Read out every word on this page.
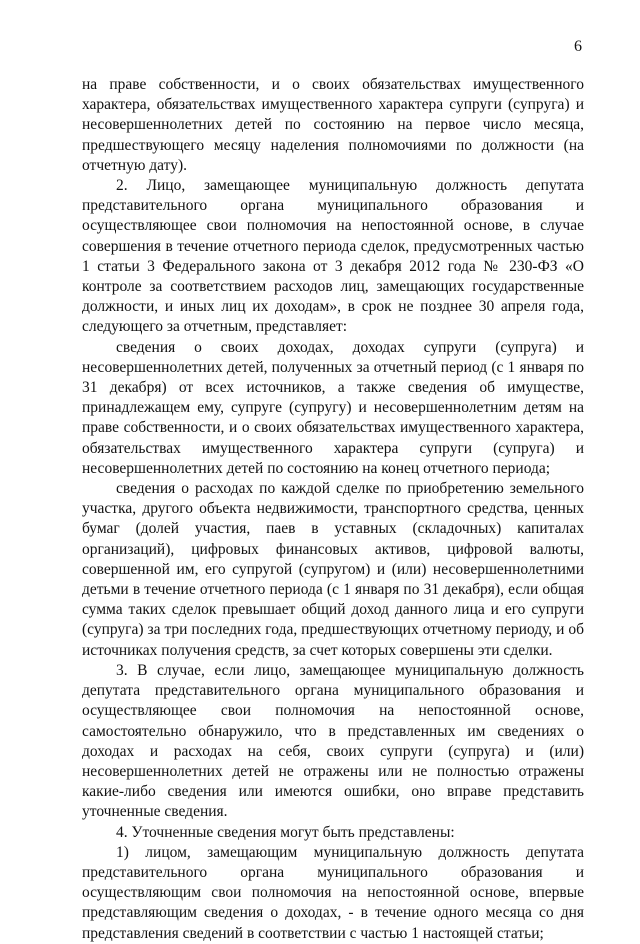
6

на праве собственности, и о своих обязательствах имущественного характера, обязательствах имущественного характера супруги (супруга) и несовершеннолетних детей по состоянию на первое число месяца, предшествующего месяцу наделения полномочиями по должности (на отчетную дату).

2. Лицо, замещающее муниципальную должность депутата представительного органа муниципального образования и осуществляющее свои полномочия на непостоянной основе, в случае совершения в течение отчетного периода сделок, предусмотренных частью 1 статьи 3 Федерального закона от 3 декабря 2012 года № 230-ФЗ «О контроле за соответствием расходов лиц, замещающих государственные должности, и иных лиц их доходам», в срок не позднее 30 апреля года, следующего за отчетным, представляет:

сведения о своих доходах, доходах супруги (супруга) и несовершеннолетних детей, полученных за отчетный период (с 1 января по 31 декабря) от всех источников, а также сведения об имуществе, принадлежащем ему, супруге (супругу) и несовершеннолетним детям на праве собственности, и о своих обязательствах имущественного характера, обязательствах имущественного характера супруги (супруга) и несовершеннолетних детей по состоянию на конец отчетного периода;

сведения о расходах по каждой сделке по приобретению земельного участка, другого объекта недвижимости, транспортного средства, ценных бумаг (долей участия, паев в уставных (складочных) капиталах организаций), цифровых финансовых активов, цифровой валюты, совершенной им, его супругой (супругом) и (или) несовершеннолетними детьми в течение отчетного периода (с 1 января по 31 декабря), если общая сумма таких сделок превышает общий доход данного лица и его супруги (супруга) за три последних года, предшествующих отчетному периоду, и об источниках получения средств, за счет которых совершены эти сделки.

3. В случае, если лицо, замещающее муниципальную должность депутата представительного органа муниципального образования и осуществляющее свои полномочия на непостоянной основе, самостоятельно обнаружило, что в представленных им сведениях о доходах и расходах на себя, своих супруги (супруга) и (или) несовершеннолетних детей не отражены или не полностью отражены какие-либо сведения или имеются ошибки, оно вправе представить уточненные сведения.

4. Уточненные сведения могут быть представлены:

1) лицом, замещающим муниципальную должность депутата представительного органа муниципального образования и осуществляющим свои полномочия на непостоянной основе, впервые представляющим сведения о доходах, - в течение одного месяца со дня представления сведений в соответствии с частью 1 настоящей статьи;
